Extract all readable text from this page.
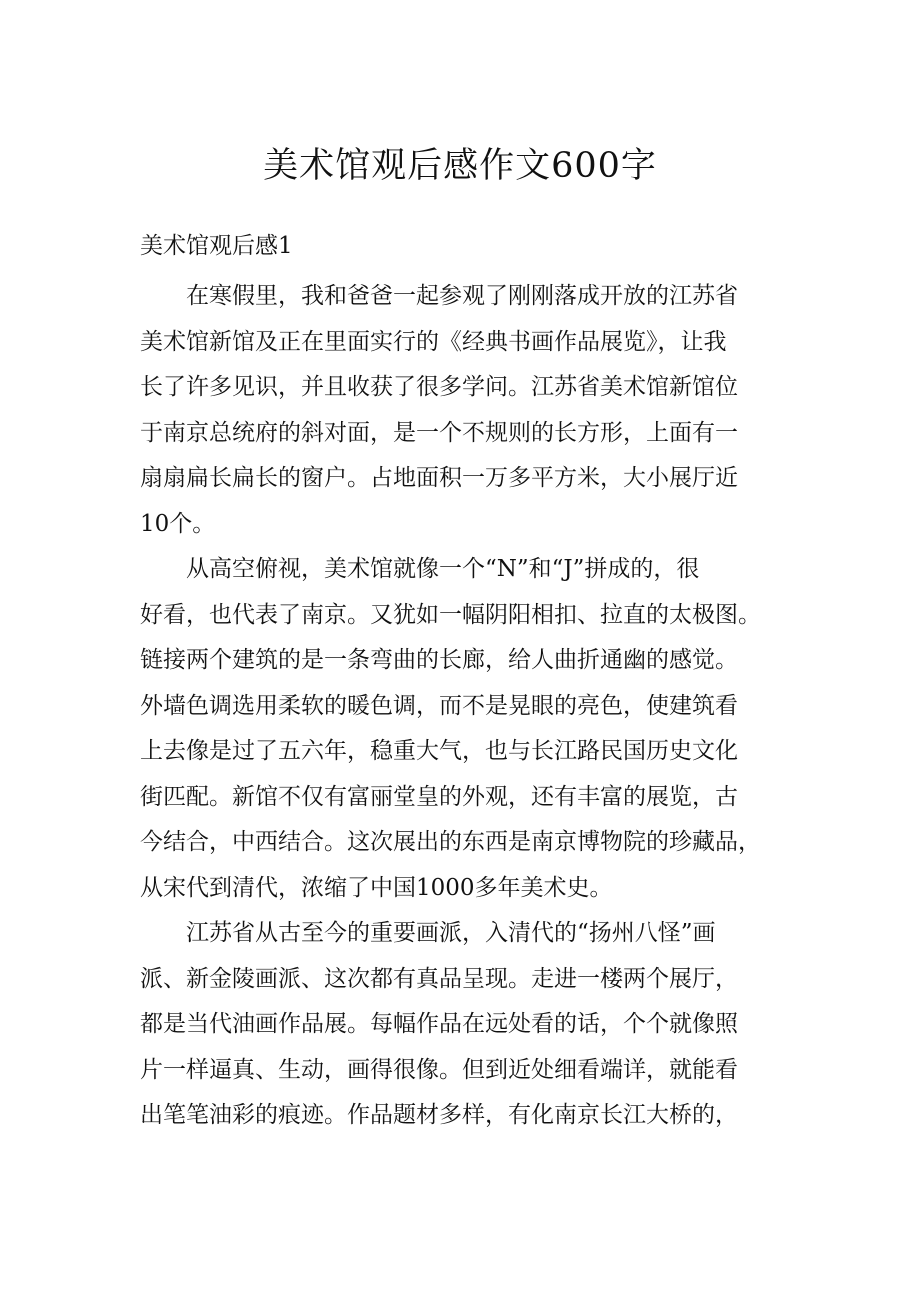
美术馆观后感作文600字
美术馆观后感1
在寒假里，我和爸爸一起参观了刚刚落成开放的江苏省
美术馆新馆及正在里面实行的《经典书画作品展览》，让我
长了许多见识，并且收获了很多学问。江苏省美术馆新馆位
于南京总统府的斜对面，是一个不规则的长方形，上面有一
扇扇扁长扁长的窗户。占地面积一万多平方米，大小展厅近
10个。
从高空俯视，美术馆就像一个“N”和“J”拼成的，很
好看，也代表了南京。又犹如一幅阴阳相扣、拉直的太极图。
链接两个建筑的是一条弯曲的长廊，给人曲折通幽的感觉。
外墙色调选用柔软的暖色调，而不是晃眼的亮色，使建筑看
上去像是过了五六年，稳重大气，也与长江路民国历史文化
街匹配。新馆不仅有富丽堂皇的外观，还有丰富的展览，古
今结合，中西结合。这次展出的东西是南京博物院的珍藏品，
从宋代到清代，浓缩了中国1000多年美术史。
江苏省从古至今的重要画派，入清代的“扬州八怪”画
派、新金陵画派、这次都有真品呈现。走进一楼两个展厅，
都是当代油画作品展。每幅作品在远处看的话，个个就像照
片一样逼真、生动，画得很像。但到近处细看端详，就能看
出笔笔油彩的痕迹。作品题材多样，有化南京长江大桥的，
